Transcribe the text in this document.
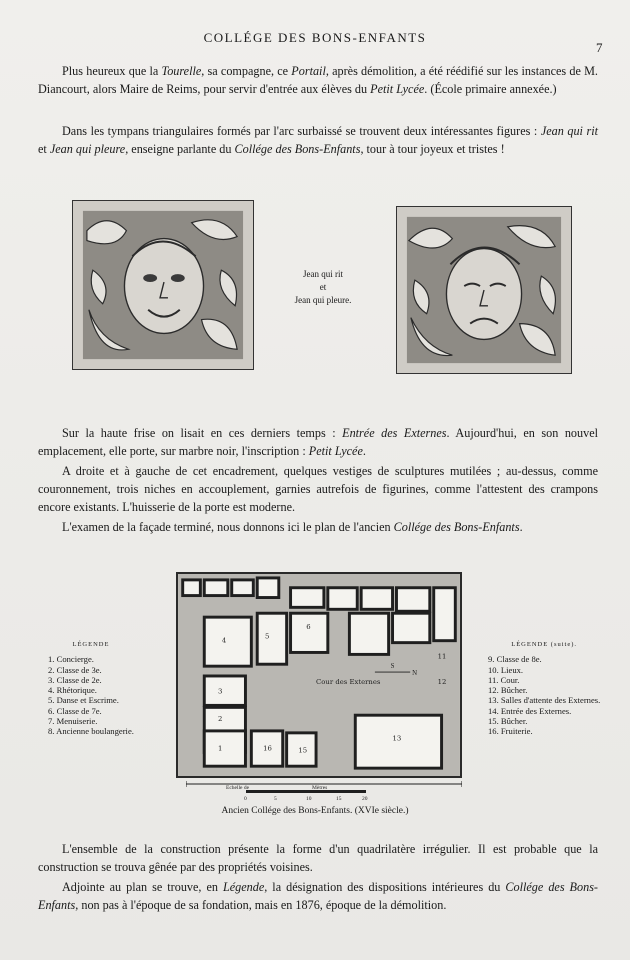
COLLÉGE DES BONS-ENFANTS
7

Plus heureux que la Tourelle, sa compagne, ce Portail, après démolition, a été réédifié sur les instances de M. Diancourt, alors Maire de Reims, pour servir d'entrée aux élèves du Petit Lycée. (École primaire annexée.)

Dans les tympans triangulaires formés par l'arc surbaissé se trouvent deux intéressantes figures : Jean qui rit et Jean qui pleure, enseigne parlante du Collége des Bons-Enfants, tour à tour joyeux et tristes !

Jean qui rit
et
Jean qui pleure.

Sur la haute frise on lisait en ces derniers temps : Entrée des Externes. Aujourd'hui, en son nouvel emplacement, elle porte, sur marbre noir, l'inscription : Petit Lycée.

A droite et à gauche de cet encadrement, quelques vestiges de sculptures mutilées ; au-dessus, comme couronnement, trois niches en accouplement, garnies autrefois de figurines, comme l'attestent des crampons encore existants. L'huisserie de la porte est moderne.

L'examen de la façade terminé, nous donnons ici le plan de l'ancien Collége des Bons-Enfants.

LÉGENDE
1. Concierge.
2. Classe de 3e.
3. Classe de 2e.
4. Rhétorique.
5. Danse et Escrime.
6. Classe de 7e.
7. Menuiserie.
8. Ancienne boulangerie.
4	5
3
2
1	16	15
13
6
11
12
Cour des Externes
N
S
LÉGENDE (suite).
9. Classe de 8e.
10. Lieux.
11. Cour.
12. Bûcher.
13. Salles d'attente des Externes.
14. Entrée des Externes.
15. Bûcher.
16. Fruiterie.
Echelle de	Mètres
0	5	10	15	20
Ancien Collége des Bons-Enfants. (XVIe siècle.)

L'ensemble de la construction présente la forme d'un quadrilatère irrégulier. Il est probable que la construction se trouva gênée par des propriétés voisines.

Adjointe au plan se trouve, en Légende, la désignation des dispositions intérieures du Collége des Bons-Enfants, non pas à l'époque de sa fondation, mais en 1876, époque de la démolition.
